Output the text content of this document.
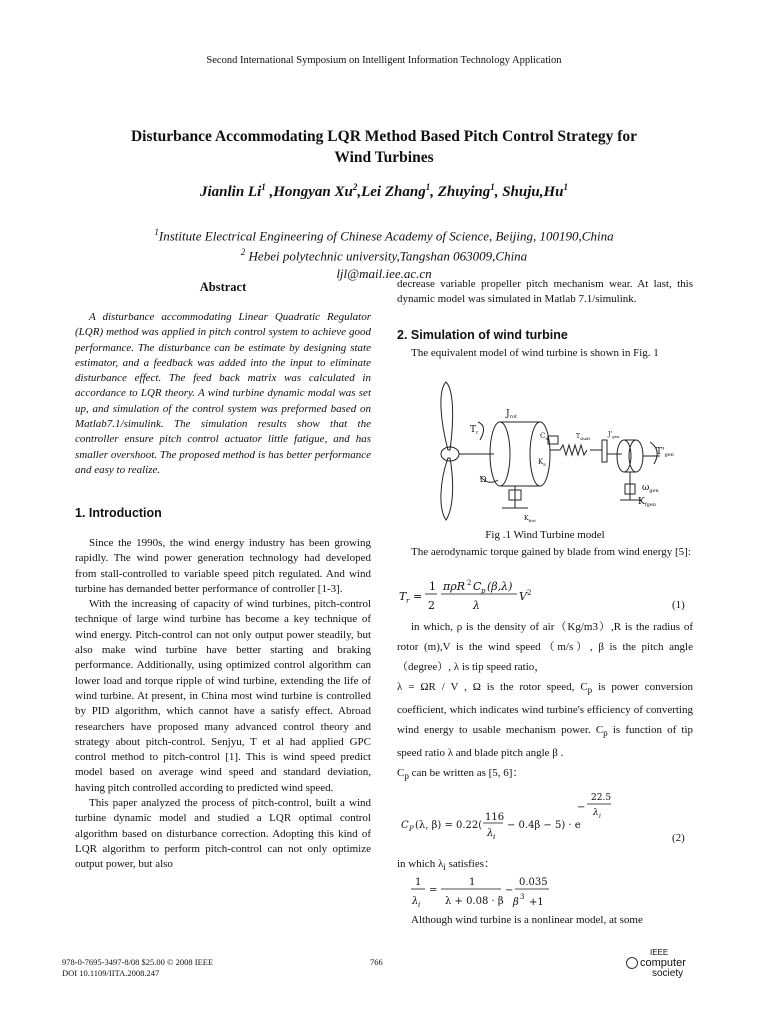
Second International Symposium on Intelligent Information Technology Application
Disturbance Accommodating LQR Method Based Pitch Control Strategy for
Wind Turbines
Jianlin Li$^1$ ,Hongyan Xu$^2$,Lei Zhang$^1$, Zhuying$^1$, Shuju,Hu$^1$
$^1$Institute Electrical Engineering of Chinese Academy of Science, Beijing, 100190,China
$^2$ Hebei polytechnic university,Tangshan 063009,China
ljl@mail.iee.ac.cn
Abstract

A disturbance accommodating Linear Quadratic Regulator (LQR) method was applied in pitch control system to achieve good performance. The disturbance can be estimate by designing state estimator, and a feedback was added into the input to eliminate disturbance effect. The feed back matrix was calculated in accordance to LQR theory. A wind turbine dynamic modal was set up, and simulation of the control system was preformed based on Matlab7.1/simulink. The simulation results show that the controller ensure pitch control actuator little fatigue, and has smaller overshoot. The proposed method is has better performance and easy to realize.

1. Introduction

Since the 1990s, the wind energy industry has been growing rapidly. The wind power generation technology had developed from stall-controlled to variable speed pitch regulated. And wind turbine has demanded better performance of controller [1-3].

With the increasing of capacity of wind turbines, pitch-control technique of large wind turbine has become a key technique of wind energy. Pitch-control can not only output power steadily, but also make wind turbine have better starting and braking performance. Additionally, using optimized control algorithm can lower load and torque ripple of wind turbine, extending the life of wind turbine. At present, in China most wind turbine is controlled by PID algorithm, which cannot have a satisfy effect. Abroad researchers have proposed many advanced control theory and strategy about pitch-control. Senjyu, T et al had applied GPC control method to pitch-control [1]. This is wind speed predict model based on average wind speed and standard deviation, having pitch controlled according to predicted wind speed.

This paper analyzed the process of pitch-control, built a wind turbine dynamic model and studied a LQR optimal control algorithm based on disturbance correction. Adopting this kind of LQR algorithm to perform pitch-control can not only optimize output power, but also

decrease variable propeller pitch mechanism wear. At last, this dynamic model was simulated in Matlab 7.1/simulink.

2. Simulation of wind turbine

The equivalent model of wind turbine is shown in Fig. 1

$J_{rot}$
$T_r$	$C_s$
$K_s$
$T_{shaft}$
$J'_{gen}$
$T'_{gen}$
Ω
$\omega_{gen}$
$K_{fgen}$
$K_{frot}$
Fig .1 Wind Turbine model

The aerodynamic torque gained by blade from wind energy [5]:

T r =
1
2
πρR 2 C p (β,λ)
λ
V 2
(1)

in which, ρ is the density of air（Kg/m3）,R is the radius of rotor (m),V is the wind speed（m/s）, β is the pitch angle （degree）, λ is tip speed ratio，

λ = ΩR / V , Ω is the rotor speed, $C_p$ is power conversion coefficient, which indicates wind turbine's efficiency of converting wind energy to usable mechanism power. $C_p$ is function of tip speed ratio λ and blade pitch angle β .

$C_p$ can be written as [5, 6]：

C P (λ, β) = 0.22(
116
λ i
− 0.4β − 5) · e
−
22.5
λ i
(2)

in which $\lambda_i$ satisfies：

1
λ i
=
1
λ + 0.08 · β
−
0.035
β 3 +1

Although wind turbine is a nonlinear model, at some

978-0-7695-3497-8/08 $25.00 © 2008 IEEE
DOI 10.1109/IITA.2008.247
766
IEEE
computer
society
